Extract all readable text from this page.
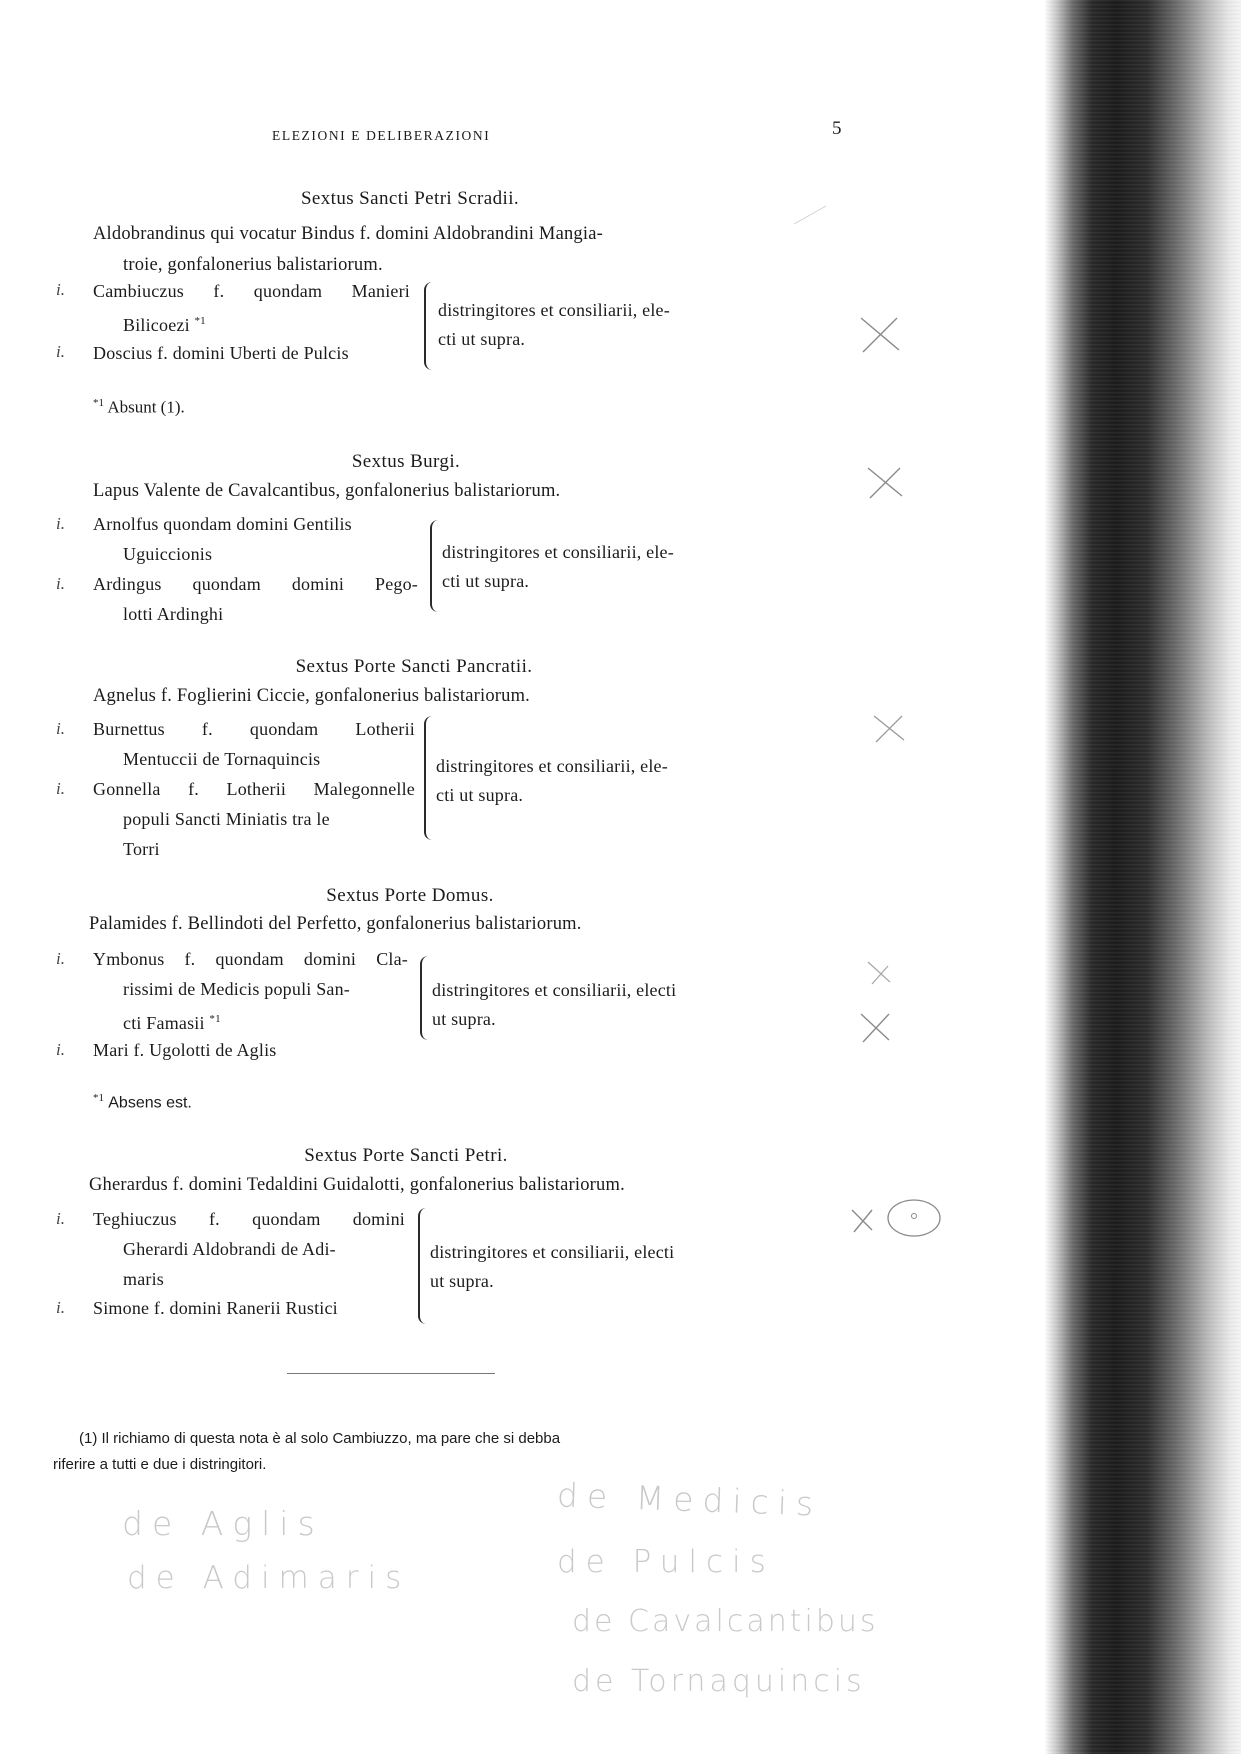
ELEZIONI E DELIBERAZIONI	5
Sextus Sancti Petri Scradii.
Aldobrandinus qui vocatur Bindus f. domini Aldobrandini Mangia-
troie, gonfalonerius balistariorum.
i. Cambiuczus f. quondam Manieri
Bilicoezi $^{*1}$
i. Doscius f. domini Uberti de Pulcis
distringitores et consiliarii, ele-
cti ut supra.
$^{*1}$ Absunt (1).
Sextus Burgi.
Lapus Valente de Cavalcantibus, gonfalonerius balistariorum.
i. Arnolfus quondam domini Gentilis
Uguiccionis
i. Ardingus quondam domini Pego-
lotti Ardinghi
distringitores et consiliarii, ele-
cti ut supra.
Sextus Porte Sancti Pancratii.
Agnelus f. Foglierini Ciccie, gonfalonerius balistariorum.
i. Burnettus f. quondam Lotherii
Mentuccii de Tornaquincis
i. Gonnella f. Lotherii Malegonnelle
populi Sancti Miniatis tra le
Torri
distringitores et consiliarii, ele-
cti ut supra.
Sextus Porte Domus.
Palamides f. Bellindoti del Perfetto, gonfalonerius balistariorum.
i. Ymbonus f. quondam domini Cla-
rissimi de Medicis populi San-
cti Famasii $^{*1}$
i. Mari f. Ugolotti de Aglis
distringitores et consiliarii, electi
ut supra.
$^{*1}$ Absens est.
Sextus Porte Sancti Petri.
Gherardus f. domini Tedaldini Guidalotti, gonfalonerius balistariorum.
i. Teghiuczus f. quondam domini
Gherardi Aldobrandi de Adi-
maris
i. Simone f. domini Ranerii Rustici
distringitores et consiliarii, electi
ut supra.
(1) Il richiamo di questa nota è al solo Cambiuzzo, ma pare che si debba
riferire a tutti e due i distringitori.
de Aglis
de Adimaris
de Medicis
de Pulcis
de Cavalcantibus
de Tornaquincis
